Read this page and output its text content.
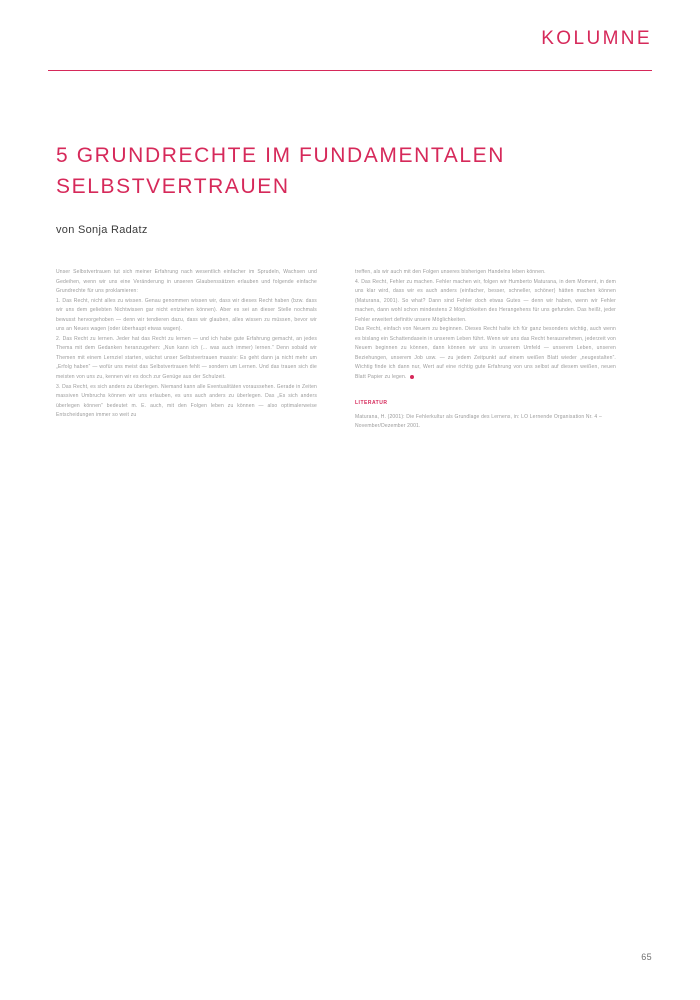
KOLUMNE
5 GRUNDRECHTE IM FUNDAMENTALEN SELBSTVERTRAUEN
von Sonja Radatz

Unser Selbstvertrauen tut sich meiner Erfahrung nach wesentlich einfacher im Sprudeln, Wachsen und Gedeihen, wenn wir uns eine Veränderung in unseren Glaubenssätzen erlauben und folgende einfache Grundrechte für uns proklamieren:

1. Das Recht, nicht alles zu wissen. Genau genommen wissen wir, dass wir dieses Recht haben (bzw. dass wir uns dem geliebten Nichtwissen gar nicht entziehen können). Aber es sei an dieser Stelle nochmals bewusst hervorgehoben — denn wir tendieren dazu, dass wir glauben, alles wissen zu müssen, bevor wir uns an Neues wagen (oder überhaupt etwas wagen).

2. Das Recht zu lernen. Jeder hat das Recht zu lernen — und ich habe gute Erfahrung gemacht, an jedes Thema mit dem Gedanken heranzugehen: „Nun kann ich (... was auch immer) lernen.“ Denn sobald wir Themen mit einem Lernziel starten, wächst unser Selbstvertrauen massiv: Es geht dann ja nicht mehr um „Erfolg haben“ — wofür uns meist das Selbstvertrauen fehlt — sondern um Lernen. Und das trauen sich die meisten von uns zu, kennen wir es doch zur Genüge aus der Schulzeit.

3. Das Recht, es sich anders zu überlegen. Niemand kann alle Eventualitäten voraussehen. Gerade in Zeiten massiven Umbruchs können wir uns erlauben, es uns auch anders zu überlegen. Das „Es sich anders überlegen können“ bedeutet m. E. auch, mit den Folgen leben zu können — also optimalerweise Entscheidungen immer so weit zu

treffen, als wir auch mit den Folgen unseres bisherigen Handelns leben können.

4. Das Recht, Fehler zu machen. Fehler machen wir, folgen wir Humberto Maturana, in dem Moment, in dem uns klar wird, dass wir es auch anders (einfacher, besser, schneller, schöner) hätten machen können (Maturana, 2001). So what? Dann sind Fehler doch etwas Gutes — denn wir haben, wenn wir Fehler machen, dann wohl schon mindestens 2 Möglichkeiten des Herangehens für uns gefunden. Das heißt, jeder Fehler erweitert definitiv unsere Möglichkeiten.

Das Recht, einfach von Neuem zu beginnen. Dieses Recht halte ich für ganz besonders wichtig, auch wenn es bislang ein Schattendasein in unserem Leben führt. Wenn wir uns das Recht herausnehmen, jederzeit von Neuem beginnen zu können, dann können wir uns in unserem Umfeld — unserem Leben, unseren Beziehungen, unserem Job usw. — zu jedem Zeitpunkt auf einem weißen Blatt wieder „neugestalten“. Wichtig finde ich dann nur, Wert auf eine richtig gute Erfahrung von uns selbst auf diesem weißen, neuen Blatt Papier zu legen.

LITERATUR
Maturana, H. (2001): Die Fehlerkultur als Grundlage des Lernens, in: LO Lernende Organisation Nr. 4 – November/Dezember 2001.
65
